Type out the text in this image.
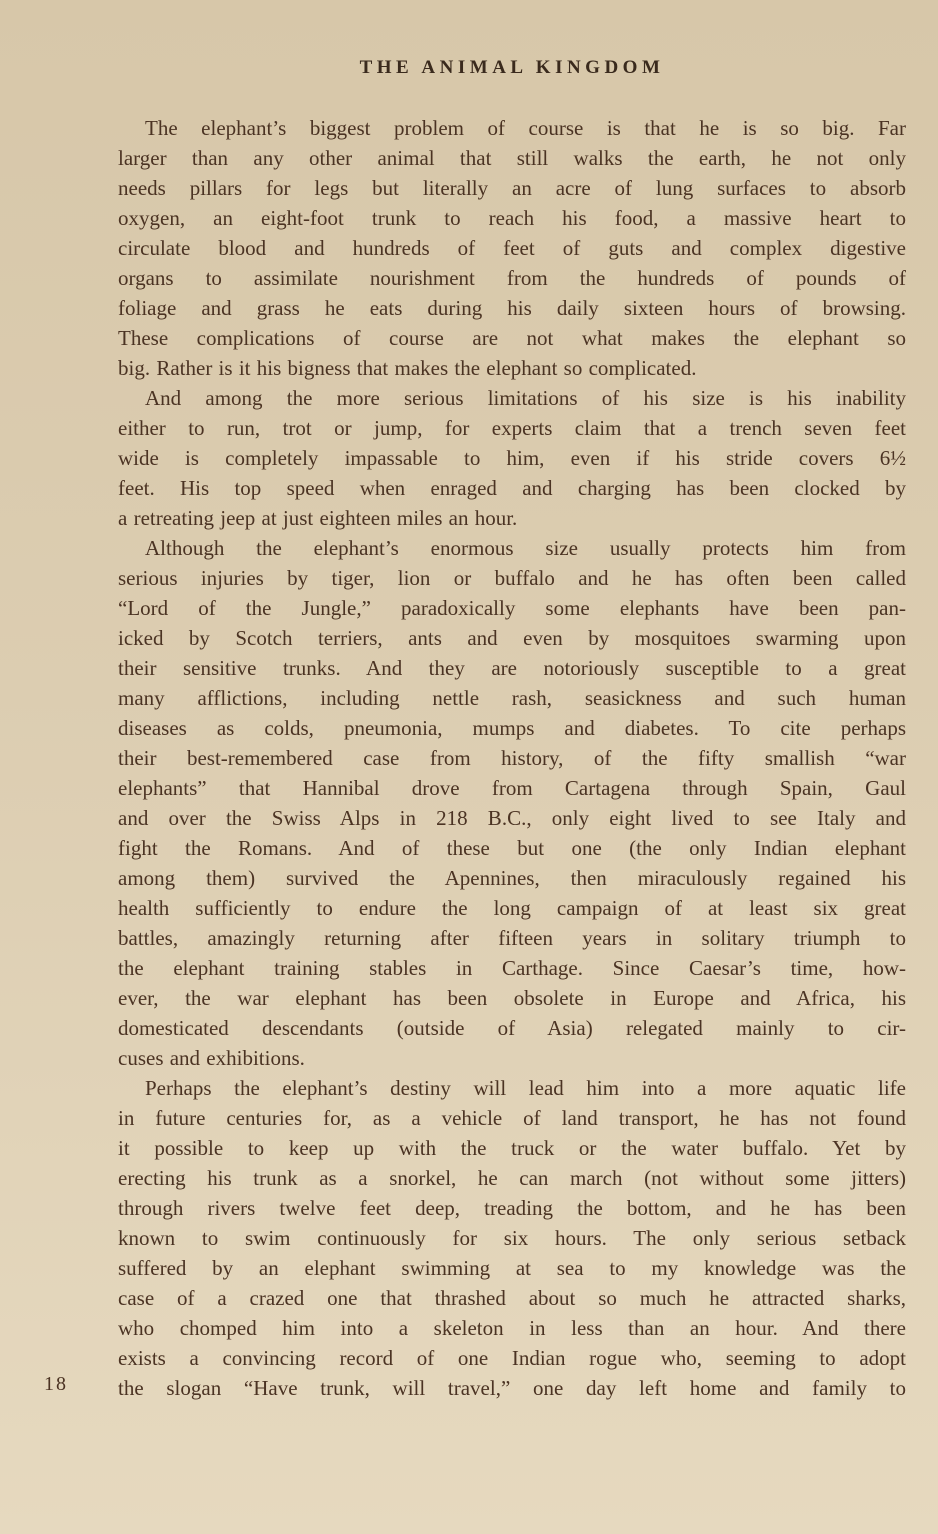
THE ANIMAL KINGDOM
The elephant’s biggest problem of course is that he is so big. Far
larger than any other animal that still walks the earth, he not only
needs pillars for legs but literally an acre of lung surfaces to absorb
oxygen, an eight-foot trunk to reach his food, a massive heart to
circulate blood and hundreds of feet of guts and complex digestive
organs to assimilate nourishment from the hundreds of pounds of
foliage and grass he eats during his daily sixteen hours of browsing.
These complications of course are not what makes the elephant so
big. Rather is it his bigness that makes the elephant so complicated.
And among the more serious limitations of his size is his inability
either to run, trot or jump, for experts claim that a trench seven feet
wide is completely impassable to him, even if his stride covers 6½
feet. His top speed when enraged and charging has been clocked by
a retreating jeep at just eighteen miles an hour.
Although the elephant’s enormous size usually protects him from
serious injuries by tiger, lion or buffalo and he has often been called
“Lord of the Jungle,” paradoxically some elephants have been pan-
icked by Scotch terriers, ants and even by mosquitoes swarming upon
their sensitive trunks. And they are notoriously susceptible to a great
many afflictions, including nettle rash, seasickness and such human
diseases as colds, pneumonia, mumps and diabetes. To cite perhaps
their best-remembered case from history, of the fifty smallish “war
elephants” that Hannibal drove from Cartagena through Spain, Gaul
and over the Swiss Alps in 218 B.C., only eight lived to see Italy and
fight the Romans. And of these but one (the only Indian elephant
among them) survived the Apennines, then miraculously regained his
health sufficiently to endure the long campaign of at least six great
battles, amazingly returning after fifteen years in solitary triumph to
the elephant training stables in Carthage. Since Caesar’s time, how-
ever, the war elephant has been obsolete in Europe and Africa, his
domesticated descendants (outside of Asia) relegated mainly to cir-
cuses and exhibitions.
Perhaps the elephant’s destiny will lead him into a more aquatic life
in future centuries for, as a vehicle of land transport, he has not found
it possible to keep up with the truck or the water buffalo. Yet by
erecting his trunk as a snorkel, he can march (not without some jitters)
through rivers twelve feet deep, treading the bottom, and he has been
known to swim continuously for six hours. The only serious setback
suffered by an elephant swimming at sea to my knowledge was the
case of a crazed one that thrashed about so much he attracted sharks,
who chomped him into a skeleton in less than an hour. And there
exists a convincing record of one Indian rogue who, seeming to adopt
the slogan “Have trunk, will travel,” one day left home and family to
18
